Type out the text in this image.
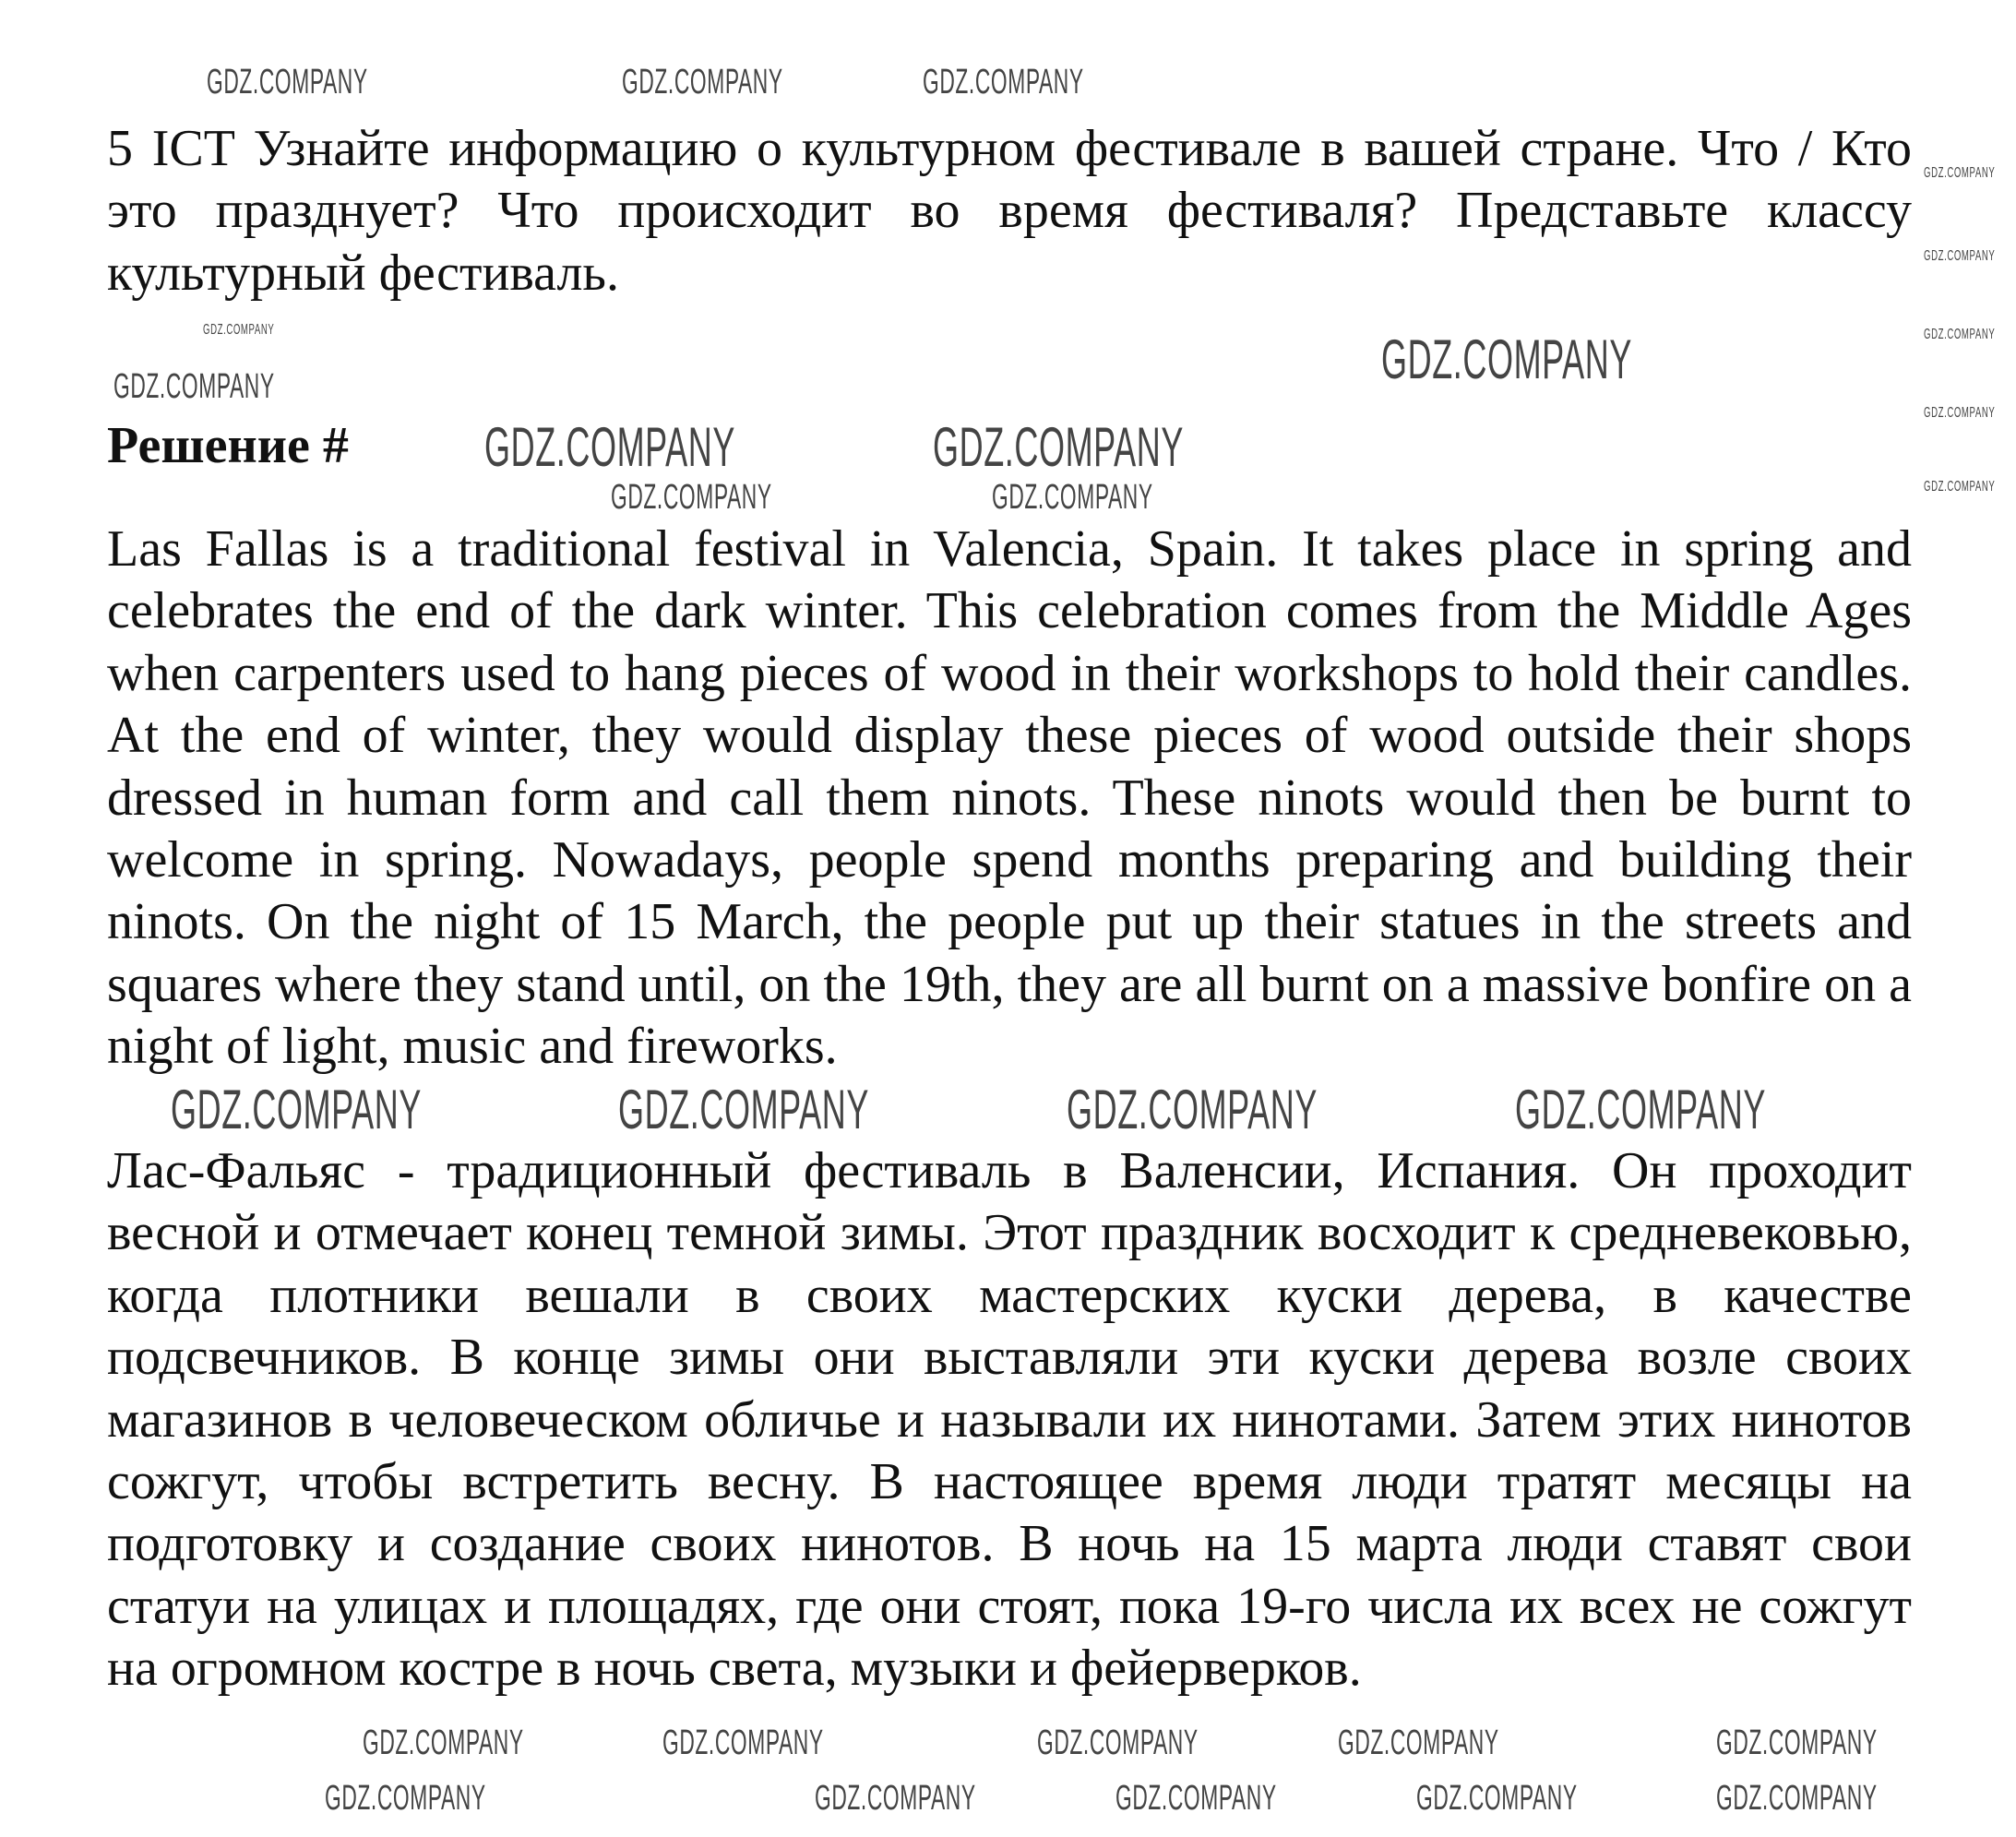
5 ICT Узнайте информацию о культурном фестивале в вашей стране. Что / Кто это празднует? Что происходит во время фестиваля? Представьте классу культурный фестиваль.

Решение #

Las Fallas is a traditional festival in Valencia, Spain. It takes place in spring and celebrates the end of the dark winter. This celebration comes from the Middle Ages when carpenters used to hang pieces of wood in their workshops to hold their candles. At the end of winter, they would display these pieces of wood outside their shops dressed in human form and call them ninots. These ninots would then be burnt to welcome in spring. Nowadays, people spend months preparing and building their ninots. On the night of 15 March, the people put up their statues in the streets and squares where they stand until, on the 19th, they are all burnt on a massive bonfire on a night of light, music and fireworks.

Лас-Фальяс - традиционный фестиваль в Валенсии, Испания. Он проходит весной и отмечает конец темной зимы. Этот праздник восходит к средневековью, когда плотники вешали в своих мастерских куски дерева, в качестве подсвечников. В конце зимы они выставляли эти куски дерева возле своих магазинов в человеческом обличье и называли их нинотами. Затем этих нинотов сожгут, чтобы встретить весну. В настоящее время люди тратят месяцы на подготовку и создание своих нинотов. В ночь на 15 марта люди ставят свои статуи на улицах и площадях, где они стоят, пока 19-го числа их всех не сожгут на огромном костре в ночь света, музыки и фейерверков.

GDZ.COMPANY	GDZ.COMPANY	GDZ.COMPANY
GDZ.COMPANY	GDZ.COMPANY
GDZ.COMPANY
GDZ.COMPANY	GDZ.COMPANY
GDZ.COMPANY	GDZ.COMPANY
GDZ.COMPANY	GDZ.COMPANY	GDZ.COMPANY	GDZ.COMPANY
GDZ.COMPANY	GDZ.COMPANY	GDZ.COMPANY
GDZ.COMPANY	GDZ.COMPANY
GDZ.COMPANY	GDZ.COMPANY	GDZ.COMPANY
GDZ.COMPANY	GDZ.COMPANY
GDZ.COMPANY
GDZ.COMPANY
GDZ.COMPANY
GDZ.COMPANY
GDZ.COMPANY
